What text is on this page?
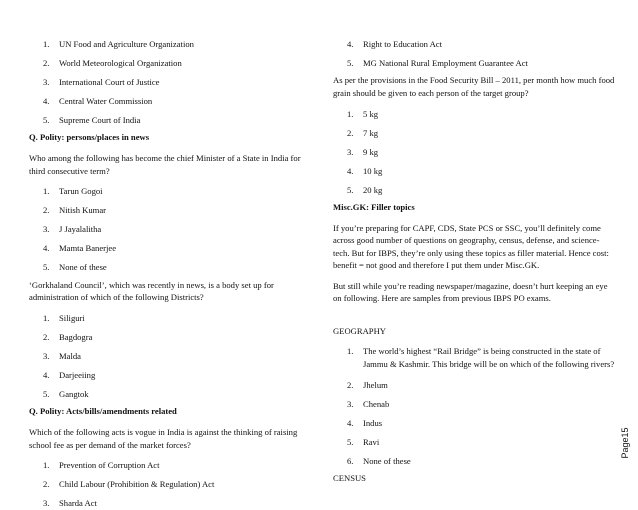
1. UN Food and Agriculture Organization
2. World Meteorological Organization
3. International Court of Justice
4. Central Water Commission
5. Supreme Court of India

Q. Polity: persons/places in news

Who among the following has become the chief Minister of a State in India for third consecutive term?

1. Tarun Gogoi
2. Nitish Kumar
3. J Jayalalitha
4. Mamta Banerjee
5. None of these

‘Gorkhaland Council’, which was recently in news, is a body set up for administration of which of the following Districts?

1. Siliguri
2. Bagdogra
3. Malda
4. Darjeeiing
5. Gangtok

Q. Polity: Acts/bills/amendments related

Which of the following acts is vogue in India is against the thinking of raising school fee as per demand of the market forces?

1. Prevention of Corruption Act
2. Child Labour (Prohibition & Regulation) Act
3. Sharda Act
4. Right to Education Act
5. MG National Rural Employment Guarantee Act

As per the provisions in the Food Security Bill – 2011, per month how much food grain should be given to each person of the target group?

1. 5 kg
2. 7 kg
3. 9 kg
4. 10 kg
5. 20 kg

Misc.GK: Filler topics

If you’re preparing for CAPF, CDS, State PCS or SSC, you’ll definitely come across good number of questions on geography, census, defense, and science-tech. But for IBPS, they’re only using these topics as filler material. Hence cost: benefit = not good and therefore I put them under Misc.GK.

But still while you’re reading newspaper/magazine, doesn’t hurt keeping an eye on following. Here are samples from previous IBPS PO exams.

GEOGRAPHY

1. The world’s highest “Rail Bridge” is being constructed in the state of Jammu & Kashmir. This bridge will be on which of the following rivers?
2. Jhelum
3. Chenab
4. Indus
5. Ravi
6. None of these

CENSUS

Page15
